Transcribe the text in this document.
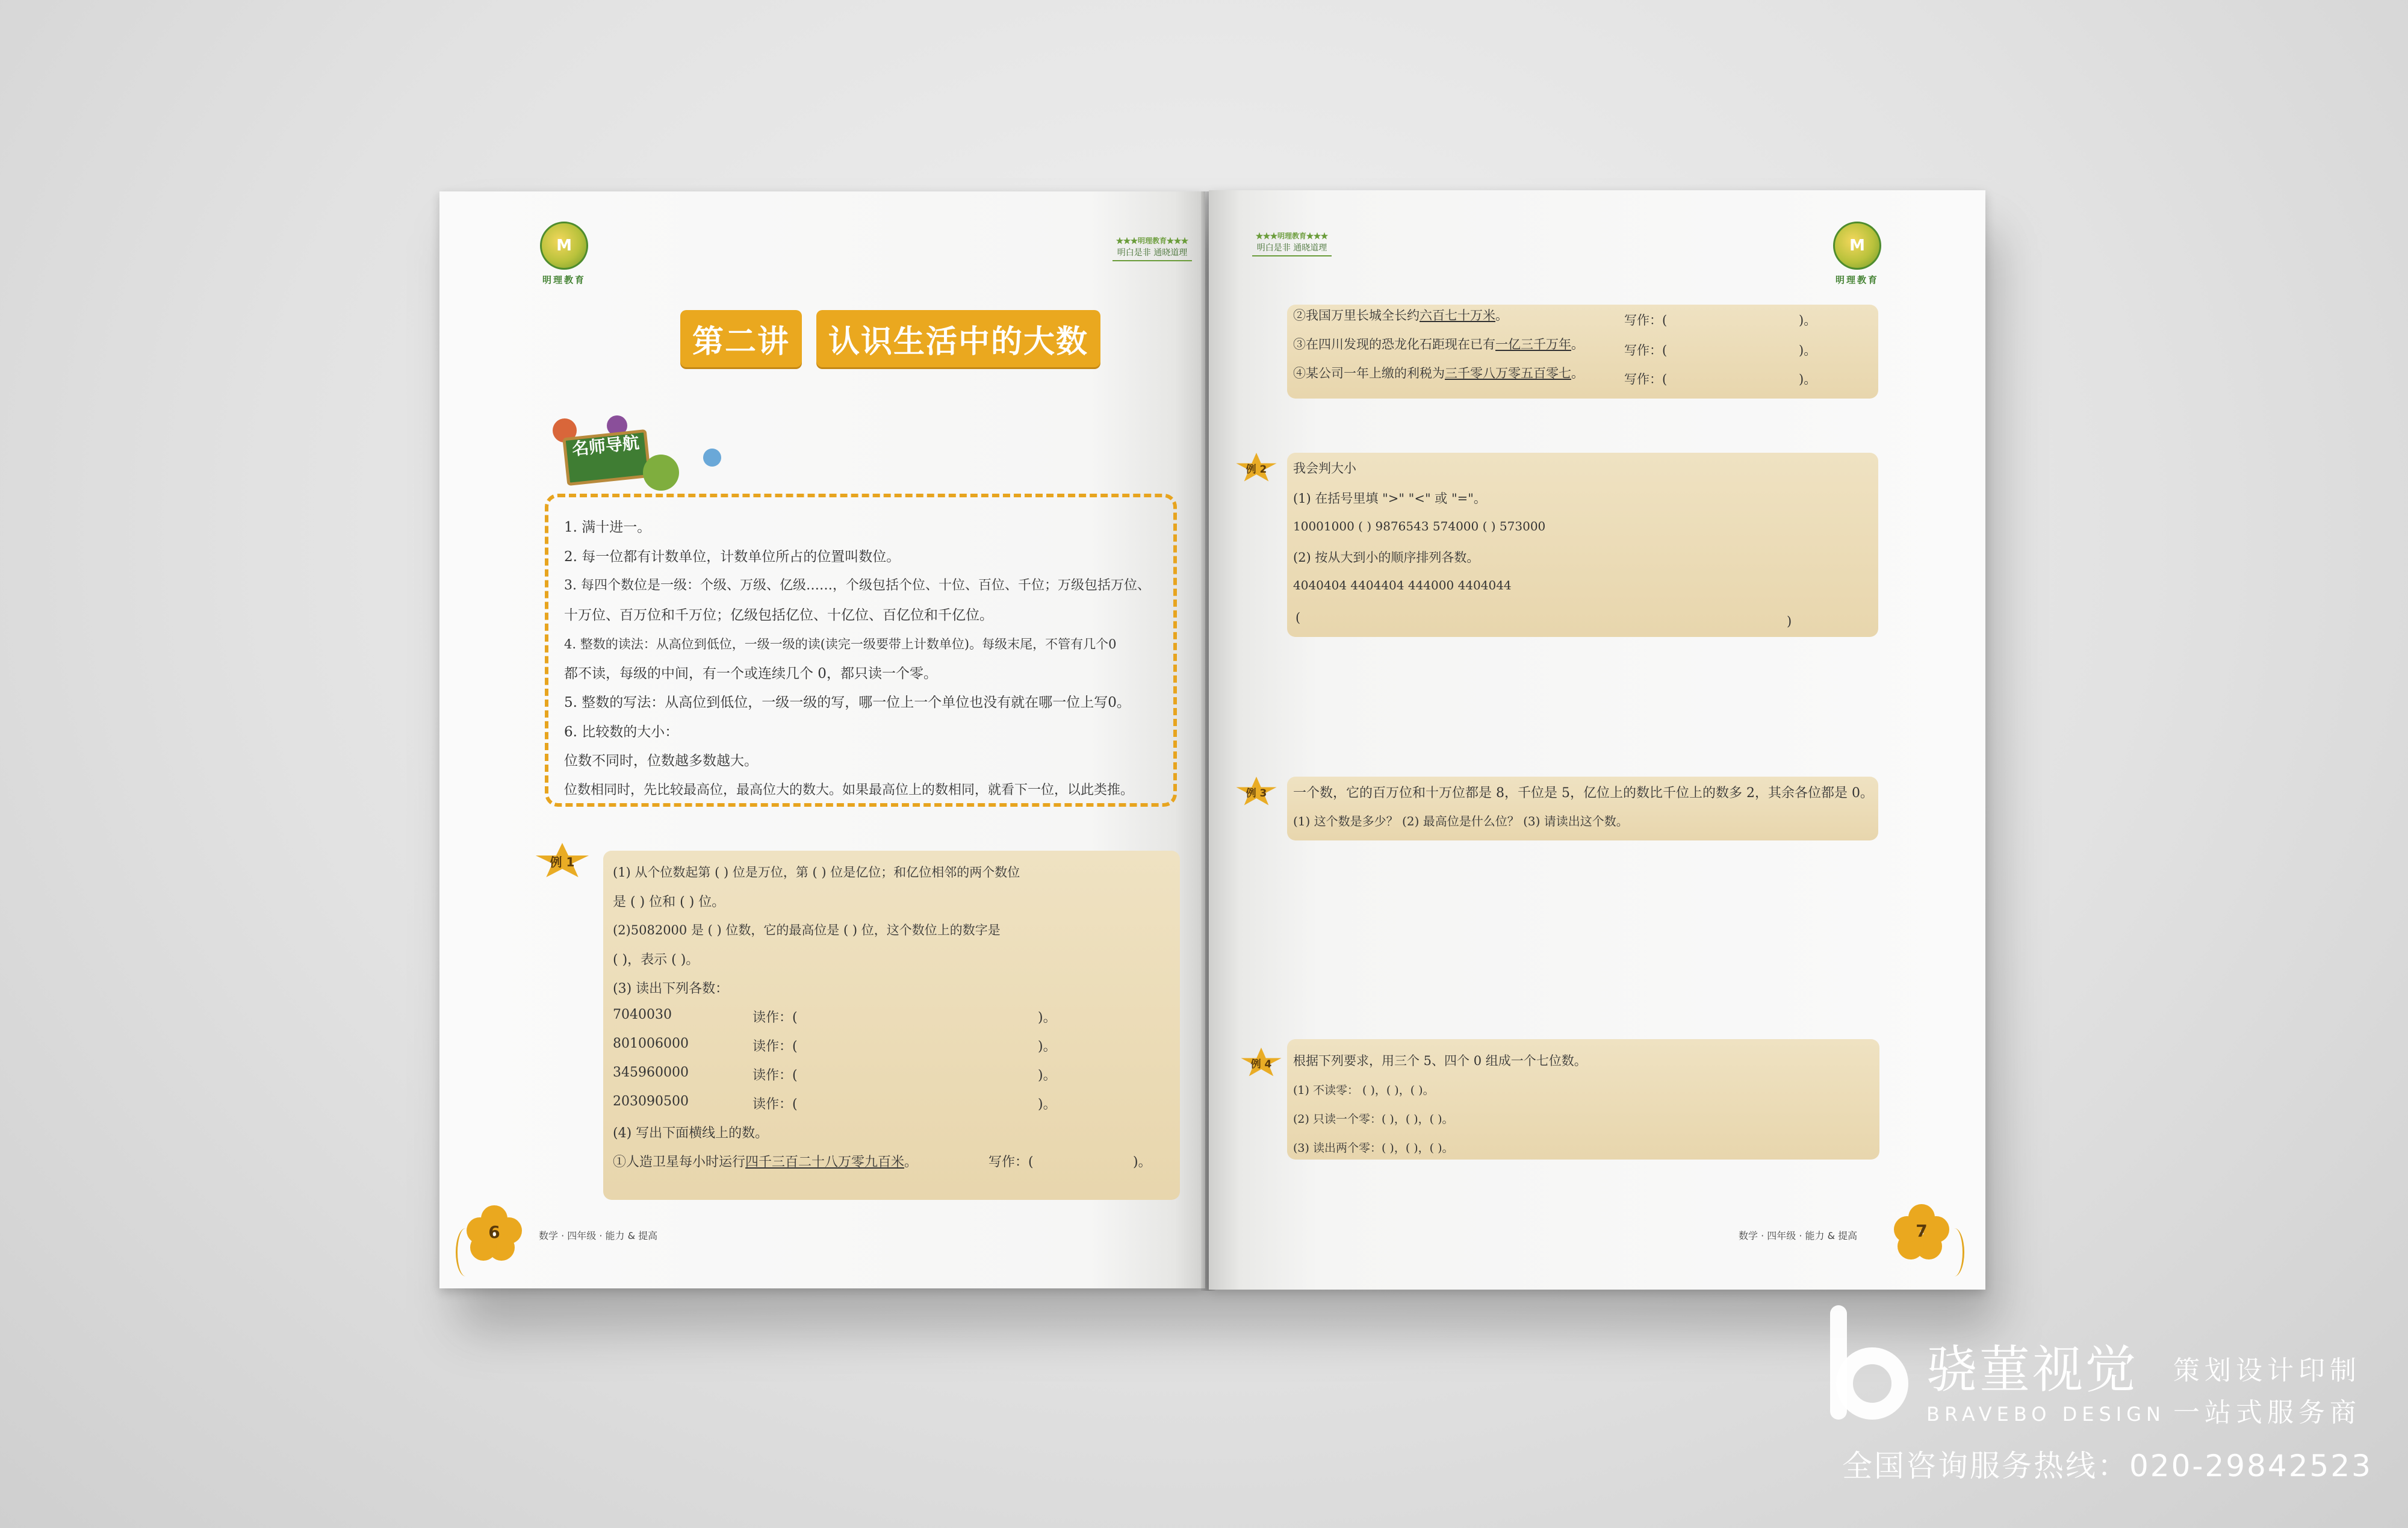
M
明理教育
★★★明理教育★★★
明白是非 通晓道理
第二讲	认识生活中的大数
名师导航
1. 满十进一。
2. 每一位都有计数单位，计数单位所占的位置叫数位。
3. 每四个数位是一级：个级、万级、亿级……，个级包括个位、十位、百位、千位；万级包括万位、
十万位、百万位和千万位；亿级包括亿位、十亿位、百亿位和千亿位。
4. 整数的读法：从高位到低位，一级一级的读(读完一级要带上计数单位)。每级末尾，不管有几个0
都不读，每级的中间，有一个或连续几个 0，都只读一个零。
5. 整数的写法：从高位到低位，一级一级的写，哪一位上一个单位也没有就在哪一位上写0。
6. 比较数的大小：
位数不同时，位数越多数越大。
位数相同时，先比较最高位，最高位大的数大。如果最高位上的数相同，就看下一位，以此类推。
例 1
(1) 从个位数起第 ( ) 位是万位，第 ( ) 位是亿位；和亿位相邻的两个数位
是 ( ) 位和 ( ) 位。
(2)5082000 是 ( ) 位数，它的最高位是 ( ) 位，这个数位上的数字是
( )，表示 ( )。
(3) 读出下列各数：
7040030	读作：(	)。
801006000	读作：(	)。
345960000	读作：(	)。
203090500	读作：(	)。
(4) 写出下面横线上的数。
①人造卫星每小时运行四千三百二十八万零九百米。	写作：(	)。
6	数学 · 四年级 · 能力 & 提高
★★★明理教育★★★
明白是非 通晓道理	M
明理教育
②我国万里长城全长约六百七十万米。	写作：(	)。
③在四川发现的恐龙化石距现在已有一亿三千万年。	写作：(	)。
④某公司一年上缴的利税为三千零八万零五百零七。	写作：(	)。
例 2	我会判大小
(1) 在括号里填 ">" "<" 或 "="。
10001000 ( ) 9876543 574000 ( ) 573000
(2) 按从大到小的顺序排列各数。
4040404 4404404 444000 4404044
(	)
例 3	一个数，它的百万位和十万位都是 8，千位是 5，亿位上的数比千位上的数多 2，其余各位都是 0。
(1) 这个数是多少？ (2) 最高位是什么位？ (3) 请读出这个数。
例 4	根据下列要求，用三个 5、四个 0 组成一个七位数。
(1) 不读零： ( )，( )，( )。
(2) 只读一个零：( )，( )，( )。
(3) 读出两个零：( )，( )，( )。
数学 · 四年级 · 能力 & 提高	7
骁菫视觉
BRAVEBO DESIGN
策划设计印制
一站式服务商
全国咨询服务热线：020-29842523
